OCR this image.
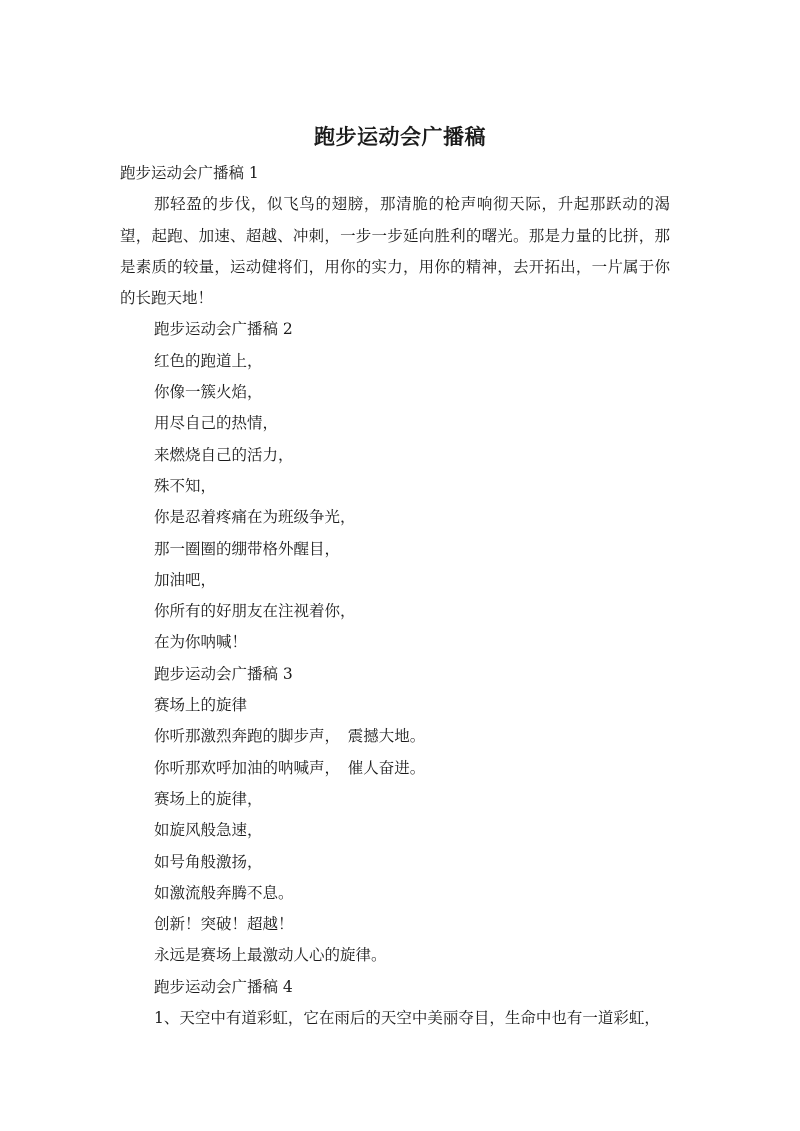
跑步运动会广播稿

跑步运动会广播稿 1

那轻盈的步伐，似飞鸟的翅膀，那清脆的枪声响彻天际，升起那跃动的渴望，起跑、加速、超越、冲刺，一步一步延向胜利的曙光。那是力量的比拼，那是素质的较量，运动健将们，用你的实力，用你的精神，去开拓出，一片属于你的长跑天地！

跑步运动会广播稿 2

红色的跑道上，

你像一簇火焰，

用尽自己的热情，

来燃烧自己的活力，

殊不知，

你是忍着疼痛在为班级争光，

那一圈圈的绷带格外醒目，

加油吧，

你所有的好朋友在注视着你，

在为你呐喊！

跑步运动会广播稿 3

赛场上的旋律

你听那激烈奔跑的脚步声，　震撼大地。

你听那欢呼加油的呐喊声，　催人奋进。

赛场上的旋律，

如旋风般急速，

如号角般激扬，

如激流般奔腾不息。

创新！突破！超越！

永远是赛场上最激动人心的旋律。

跑步运动会广播稿 4

1、天空中有道彩虹，它在雨后的天空中美丽夺目，生命中也有一道彩虹，
